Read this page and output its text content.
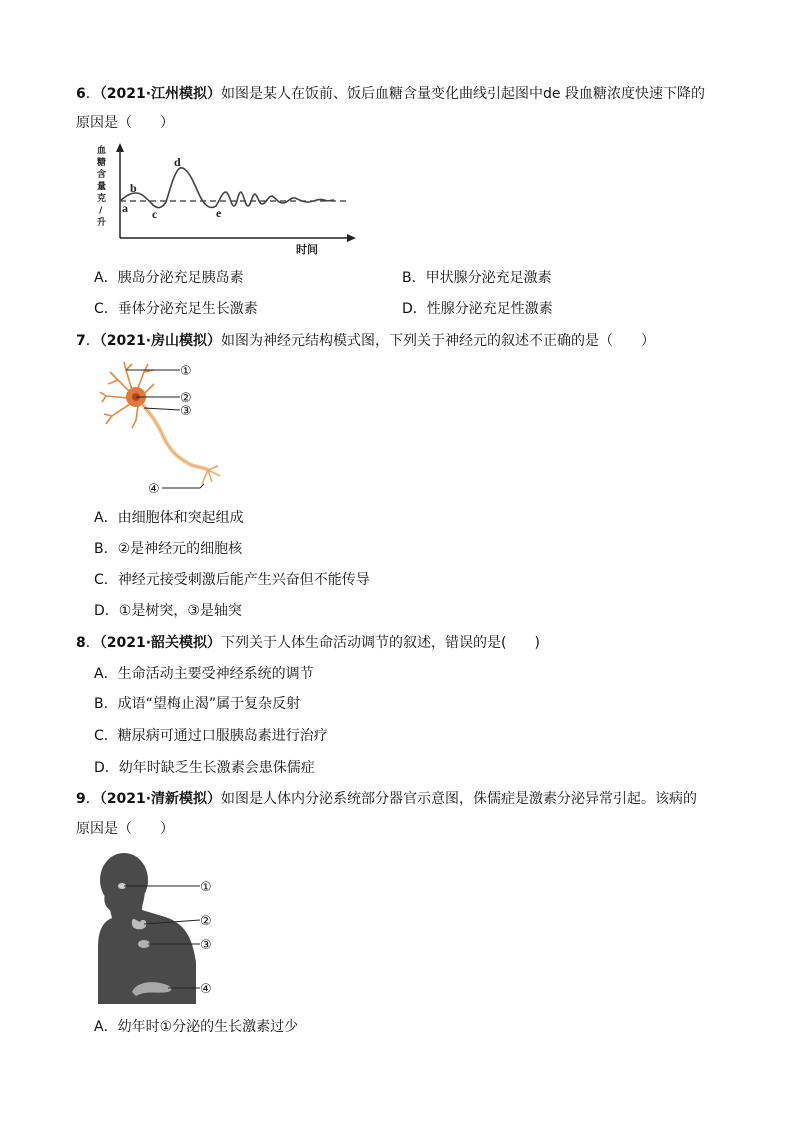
6．（2021·江州模拟）如图是某人在饭前、饭后血糖含量变化曲线引起图中de 段血糖浓度快速下降的
原因是（　　）
血
糖
含
量
克
/
升
a
b
c
d
e
时间
A．胰岛分泌充足胰岛素	B．甲状腺分泌充足激素
C．垂体分泌充足生长激素	D．性腺分泌充足性激素
7．（2021·房山模拟）如图为神经元结构模式图，下列关于神经元的叙述不正确的是（　　）
①
②
③
④
A．由细胞体和突起组成
B．②是神经元的细胞核
C．神经元接受刺激后能产生兴奋但不能传导
D．①是树突，③是轴突
8．（2021·韶关模拟）下列关于人体生命活动调节的叙述，错误的是(　　)
A．生命活动主要受神经系统的调节
B．成语“望梅止渴”属于复杂反射
C．糖尿病可通过口服胰岛素进行治疗
D．幼年时缺乏生长激素会患侏儒症
9．（2021·清新模拟）如图是人体内分泌系统部分器官示意图，侏儒症是激素分泌异常引起。该病的
原因是（　　）
①
②
③
④
A．幼年时①分泌的生长激素过少
